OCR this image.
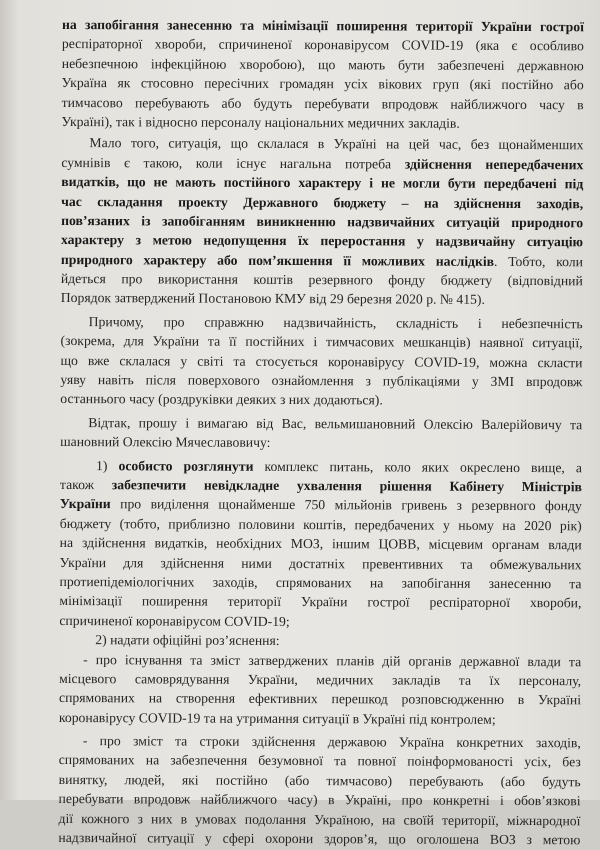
на запобігання занесенню та мінімізації поширення території України гострої
респіраторної хвороби, спричиненої коронавірусом COVID-19 (яка є особливо
небезпечною інфекційною хворобою), що мають бути забезпечені державною
Україна як стосовно пересічних громадян усіх вікових груп (які постійно або
тимчасово перебувають або будуть перебувати впродовж найближчого часу в
Україні), так і відносно персоналу національних медичних закладів.
Мало того, ситуація, що склалася в Україні на цей час, без щонайменших
сумнівів є такою, коли існує нагальна потреба здійснення непередбачених
видатків, що не мають постійного характеру і не могли бути передбачені під
час складання проекту Державного бюджету – на здійснення заходів,
пов’язаних із запобіганням виникненню надзвичайних ситуацій природного
характеру з метою недопущення їх переростання у надзвичайну ситуацію
природного характеру або пом’якшення її можливих наслідків. Тобто, коли
йдеться про використання коштів резервного фонду бюджету (відповідний
Порядок затверджений Постановою КМУ від 29 березня 2020 р. № 415).
Причому, про справжню надзвичайність, складність і небезпечність
(зокрема, для України та її постійних і тимчасових мешканців) наявної ситуації,
що вже склалася у світі та стосується коронавірусу COVID-19, можна скласти
уяву навіть після поверхового ознайомлення з публікаціями у ЗМІ впродовж
останнього часу (роздруківки деяких з них додаються).
Відтак, прошу і вимагаю від Вас, вельмишановний Олексію Валерійовичу та
шановний Олексію Мячеславовичу:
1) особисто розглянути комплекс питань, коло яких окреслено вище, а
також забезпечити невідкладне ухвалення рішення Кабінету Міністрів
України про виділення щонайменше 750 мільйонів гривень з резервного фонду
бюджету (тобто, приблизно половини коштів, передбачених у ньому на 2020 рік)
на здійснення видатків, необхідних МОЗ, іншим ЦОВВ, місцевим органам влади
України для здійснення ними достатніх превентивних та обмежувальних
протиепідеміологічних заходів, спрямованих на запобігання занесенню та
мінімізації поширення території України гострої респіраторної хвороби,
спричиненої коронавірусом COVID-19;
2) надати офіційні роз’яснення:
- про існування та зміст затверджених планів дій органів державної влади та
місцевого самоврядування України, медичних закладів та їх персоналу,
спрямованих на створення ефективних перешкод розповсюдженню в Україні
коронавірусу COVID-19 та на утримання ситуації в Україні під контролем;
- про зміст та строки здійснення державою Україна конкретних заходів,
спрямованих на забезпечення безумовної та повної поінформованості усіх, без
винятку, людей, які постійно (або тимчасово) перебувають (або будуть
перебувати впродовж найближчого часу) в Україні, про конкретні і обов’язкові
дії кожного з них в умовах подолання Україною, на своїй території, міжнародної
надзвичайної ситуації у сфері охорони здоров’я, що оголошена ВОЗ з метою
